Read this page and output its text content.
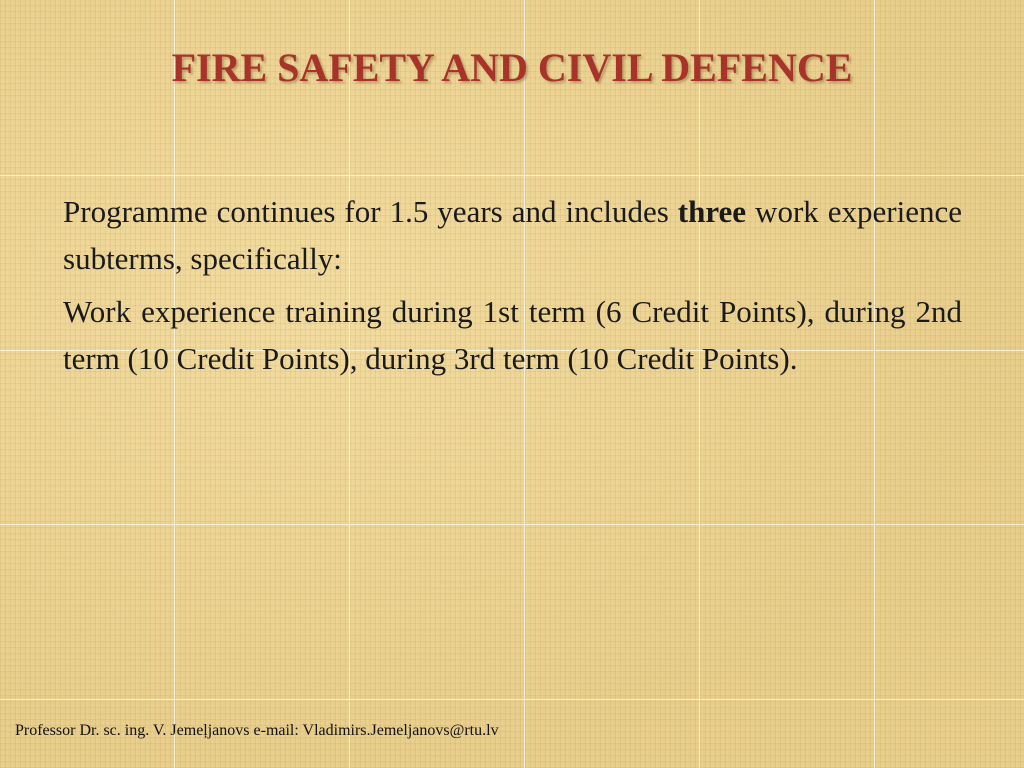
FIRE SAFETY AND CIVIL DEFENCE

Programme continues for 1.5 years and includes three work experience subterms, specifically:

Work experience training during 1st term (6 Credit Points), during 2nd term (10 Credit Points), during 3rd term (10 Credit Points).

Professor Dr. sc. ing. V. Jemeļjanovs e-mail: Vladimirs.Jemeljanovs@rtu.lv
